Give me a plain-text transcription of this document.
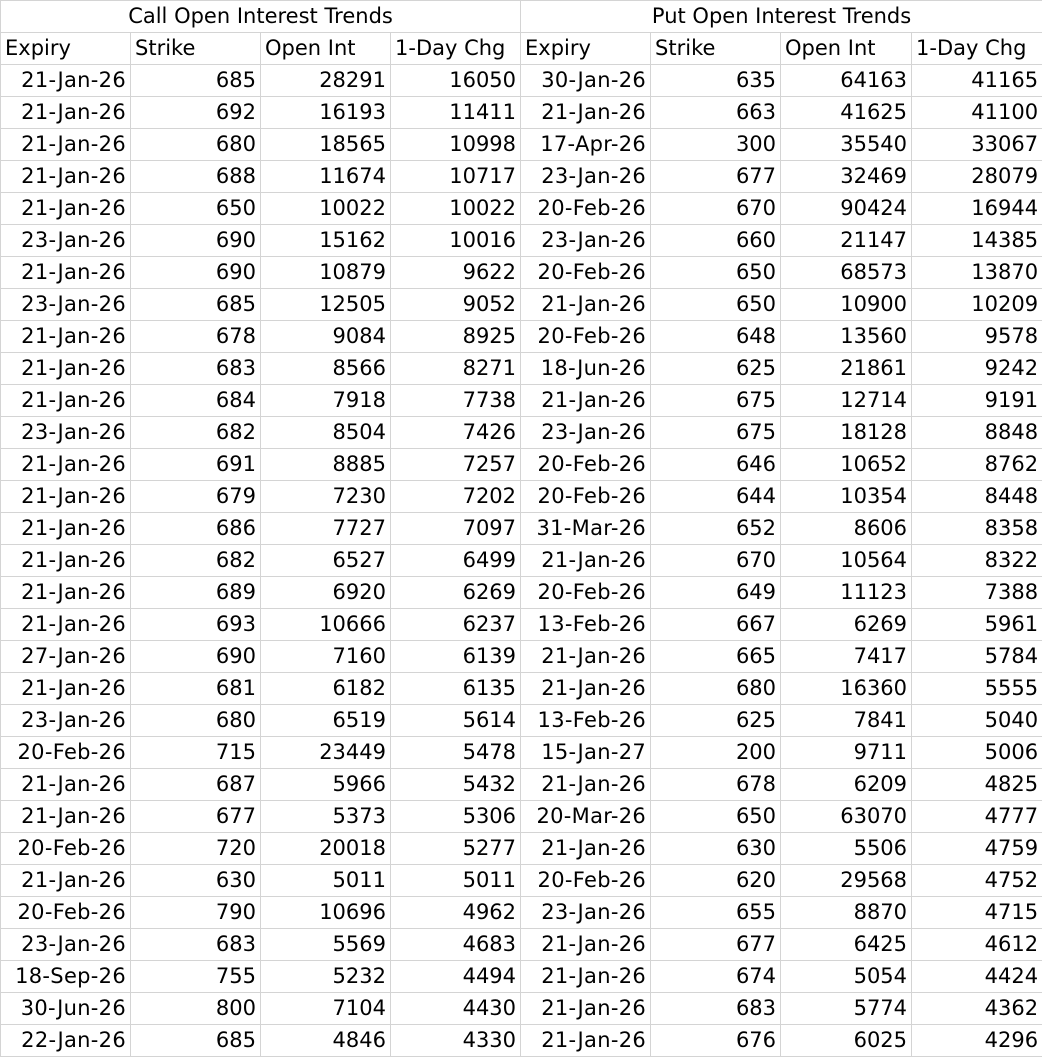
Call Open Interest Trends				Put Open Interest Trends			
Expiry	Strike	Open Int	1-Day Chg	Expiry	Strike	Open Int	1-Day Chg
21-Jan-26	685	28291	16050	30-Jan-26	635	64163	41165
21-Jan-26	692	16193	11411	21-Jan-26	663	41625	41100
21-Jan-26	680	18565	10998	17-Apr-26	300	35540	33067
21-Jan-26	688	11674	10717	23-Jan-26	677	32469	28079
21-Jan-26	650	10022	10022	20-Feb-26	670	90424	16944
23-Jan-26	690	15162	10016	23-Jan-26	660	21147	14385
21-Jan-26	690	10879	9622	20-Feb-26	650	68573	13870
23-Jan-26	685	12505	9052	21-Jan-26	650	10900	10209
21-Jan-26	678	9084	8925	20-Feb-26	648	13560	9578
21-Jan-26	683	8566	8271	18-Jun-26	625	21861	9242
21-Jan-26	684	7918	7738	21-Jan-26	675	12714	9191
23-Jan-26	682	8504	7426	23-Jan-26	675	18128	8848
21-Jan-26	691	8885	7257	20-Feb-26	646	10652	8762
21-Jan-26	679	7230	7202	20-Feb-26	644	10354	8448
21-Jan-26	686	7727	7097	31-Mar-26	652	8606	8358
21-Jan-26	682	6527	6499	21-Jan-26	670	10564	8322
21-Jan-26	689	6920	6269	20-Feb-26	649	11123	7388
21-Jan-26	693	10666	6237	13-Feb-26	667	6269	5961
27-Jan-26	690	7160	6139	21-Jan-26	665	7417	5784
21-Jan-26	681	6182	6135	21-Jan-26	680	16360	5555
23-Jan-26	680	6519	5614	13-Feb-26	625	7841	5040
20-Feb-26	715	23449	5478	15-Jan-27	200	9711	5006
21-Jan-26	687	5966	5432	21-Jan-26	678	6209	4825
21-Jan-26	677	5373	5306	20-Mar-26	650	63070	4777
20-Feb-26	720	20018	5277	21-Jan-26	630	5506	4759
21-Jan-26	630	5011	5011	20-Feb-26	620	29568	4752
20-Feb-26	790	10696	4962	23-Jan-26	655	8870	4715
23-Jan-26	683	5569	4683	21-Jan-26	677	6425	4612
18-Sep-26	755	5232	4494	21-Jan-26	674	5054	4424
30-Jun-26	800	7104	4430	21-Jan-26	683	5774	4362
22-Jan-26	685	4846	4330	21-Jan-26	676	6025	4296
